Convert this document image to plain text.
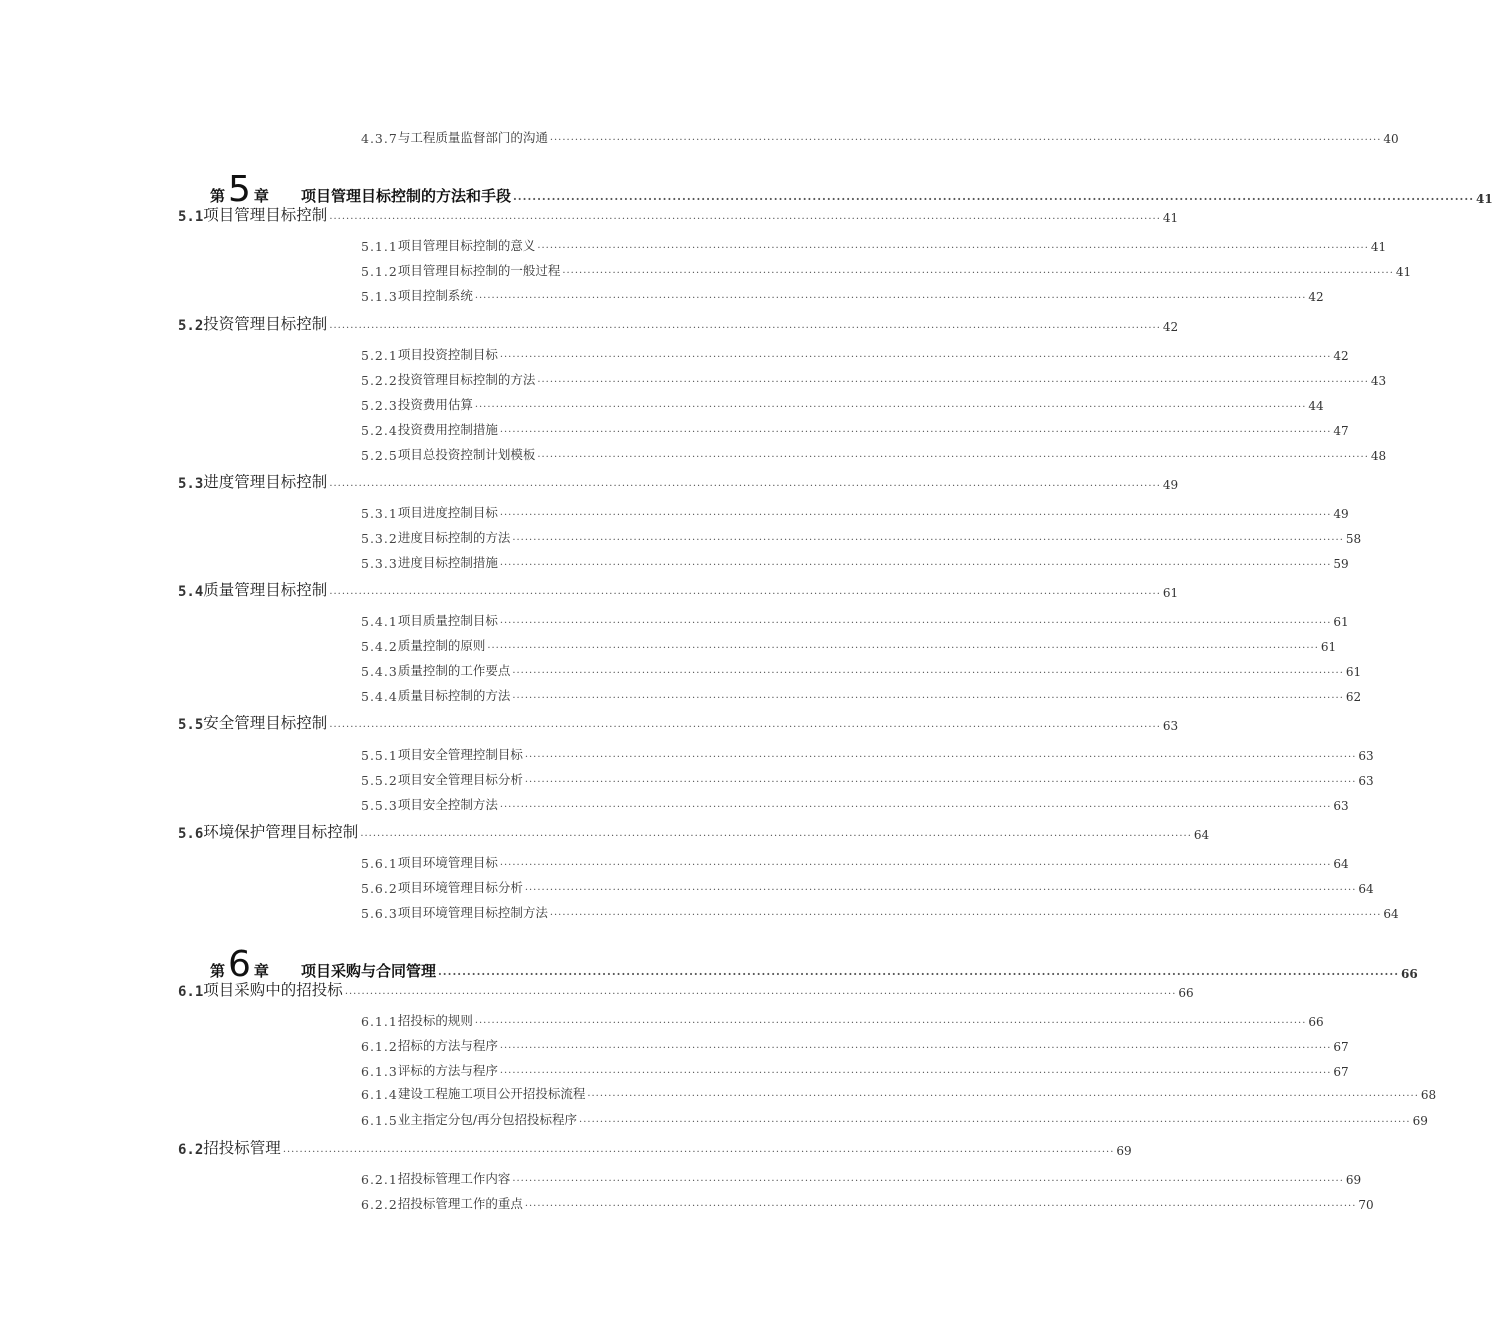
4.3.7 与工程质量监督部门的沟通 ······································································································································································································· 40
第 5 章 项目管理目标控制的方法和手段 ······································································································································································································· 41
5.1 项目管理目标控制 ······································································································································································································· 41
5.1.1 项目管理目标控制的意义 ······································································································································································································· 41
5.1.2 项目管理目标控制的一般过程 ······································································································································································································· 41
5.1.3 项目控制系统 ······································································································································································································· 42
5.2 投资管理目标控制 ······································································································································································································· 42
5.2.1 项目投资控制目标 ······································································································································································································· 42
5.2.2 投资管理目标控制的方法 ······································································································································································································· 43
5.2.3 投资费用估算 ······································································································································································································· 44
5.2.4 投资费用控制措施 ······································································································································································································· 47
5.2.5 项目总投资控制计划模板 ······································································································································································································· 48
5.3 进度管理目标控制 ······································································································································································································· 49
5.3.1 项目进度控制目标 ······································································································································································································· 49
5.3.2 进度目标控制的方法 ······································································································································································································· 58
5.3.3 进度目标控制措施 ······································································································································································································· 59
5.4 质量管理目标控制 ······································································································································································································· 61
5.4.1 项目质量控制目标 ······································································································································································································· 61
5.4.2 质量控制的原则 ······································································································································································································· 61
5.4.3 质量控制的工作要点 ······································································································································································································· 61
5.4.4 质量目标控制的方法 ······································································································································································································· 62
5.5 安全管理目标控制 ······································································································································································································· 63
5.5.1 项目安全管理控制目标 ······································································································································································································· 63
5.5.2 项目安全管理目标分析 ······································································································································································································· 63
5.5.3 项目安全控制方法 ······································································································································································································· 63
5.6 环境保护管理目标控制 ······································································································································································································· 64
5.6.1 项目环境管理目标 ······································································································································································································· 64
5.6.2 项目环境管理目标分析 ······································································································································································································· 64
5.6.3 项目环境管理目标控制方法 ······································································································································································································· 64
第 6 章 项目采购与合同管理 ······································································································································································································· 66
6.1 项目采购中的招投标 ······································································································································································································· 66
6.1.1 招投标的规则 ······································································································································································································· 66
6.1.2 招标的方法与程序 ······································································································································································································· 67
6.1.3 评标的方法与程序 ······································································································································································································· 67
6.1.4 建设工程施工项目公开招投标流程 ······································································································································································································· 68
6.1.5 业主指定分包/再分包招投标程序 ······································································································································································································· 69
6.2 招投标管理 ······································································································································································································· 69
6.2.1 招投标管理工作内容 ······································································································································································································· 69
6.2.2 招投标管理工作的重点 ······································································································································································································· 70
